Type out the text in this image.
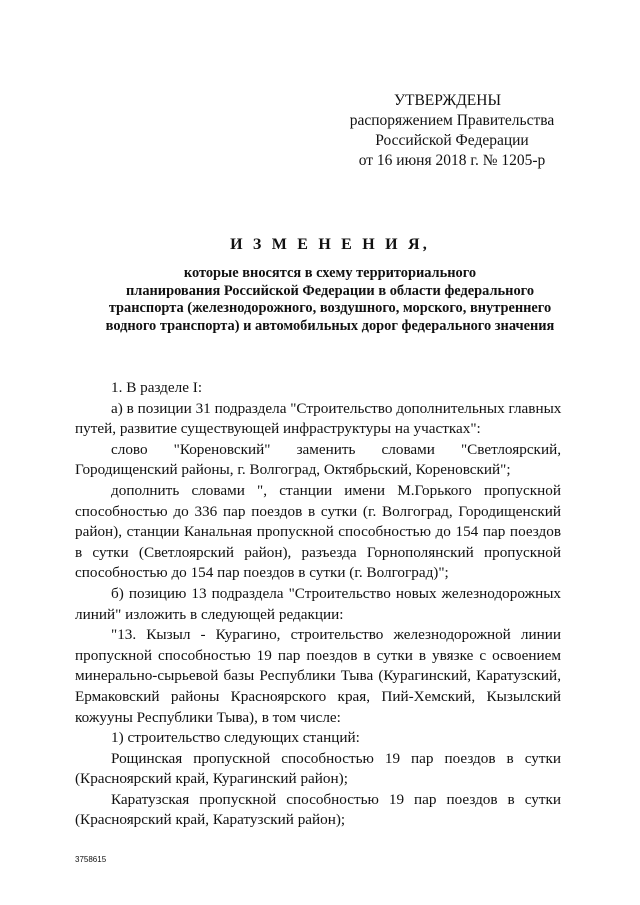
УТВЕРЖДЕНЫ
распоряжением Правительства
Российской Федерации
от 16 июня 2018 г. № 1205-р
И З М Е Н Е Н И Я,
которые вносятся в схему территориального
планирования Российской Федерации в области федерального
транспорта (железнодорожного, воздушного, морского, внутреннего
водного транспорта) и автомобильных дорог федерального значения
1. В разделе I:
а) в позиции 31 подраздела "Строительство дополнительных главных
путей, развитие существующей инфраструктуры на участках":
слово "Кореновский" заменить словами "Светлоярский,
Городищенский районы, г. Волгоград, Октябрьский, Кореновский";
дополнить словами ", станции имени М.Горького пропускной
способностью до 336 пар поездов в сутки (г. Волгоград, Городищенский
район), станции Канальная пропускной способностью до 154 пар поездов
в сутки (Светлоярский район), разъезда Горнополянский пропускной
способностью до 154 пар поездов в сутки (г. Волгоград)";
б) позицию 13 подраздела "Строительство новых железнодорожных
линий" изложить в следующей редакции:
"13. Кызыл - Курагино, строительство железнодорожной линии
пропускной способностью 19 пар поездов в сутки в увязке с освоением
минерально-сырьевой базы Республики Тыва (Курагинский, Каратузский,
Ермаковский районы Красноярского края, Пий-Хемский, Кызылский
кожууны Республики Тыва), в том числе:
1) строительство следующих станций:
Рощинская пропускной способностью 19 пар поездов в сутки
(Красноярский край, Курагинский район);
Каратузская пропускной способностью 19 пар поездов в сутки
(Красноярский край, Каратузский район);
3758615
